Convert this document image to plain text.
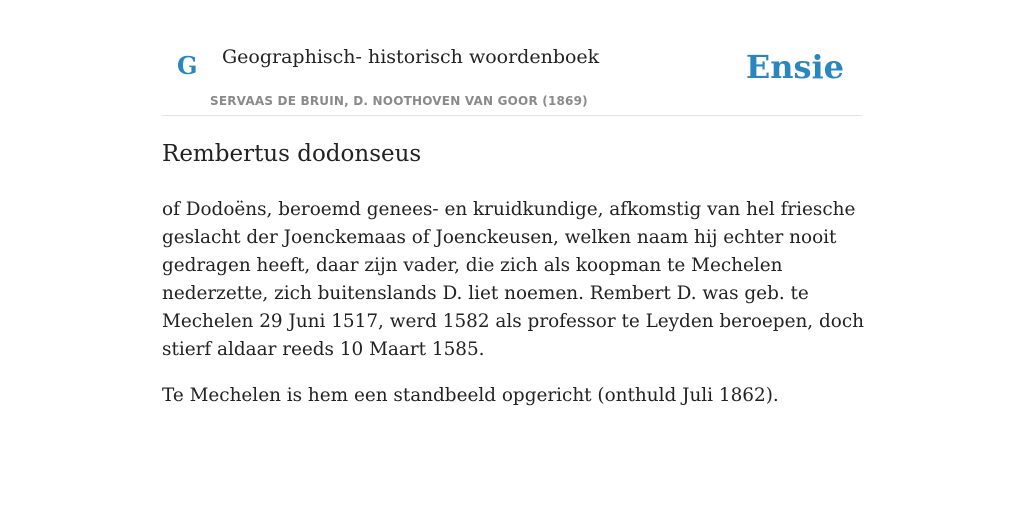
G Geographisch- historisch woordenboek
SERVAAS DE BRUIN, D. NOOTHOVEN VAN GOOR (1869)
Ensie
Rembertus dodonseus

of Dodoëns, beroemd genees- en kruidkundige, afkomstig van hel friesche geslacht der Joenckemaas of Joenckeusen, welken naam hij echter nooit gedragen heeft, daar zijn vader, die zich als koopman te Mechelen nederzette, zich buitenslands D. liet noemen. Rembert D. was geb. te Mechelen 29 Juni 1517, werd 1582 als professor te Leyden beroepen, doch stierf aldaar reeds 10 Maart 1585.

Te Mechelen is hem een standbeeld opgericht (onthuld Juli 1862).
